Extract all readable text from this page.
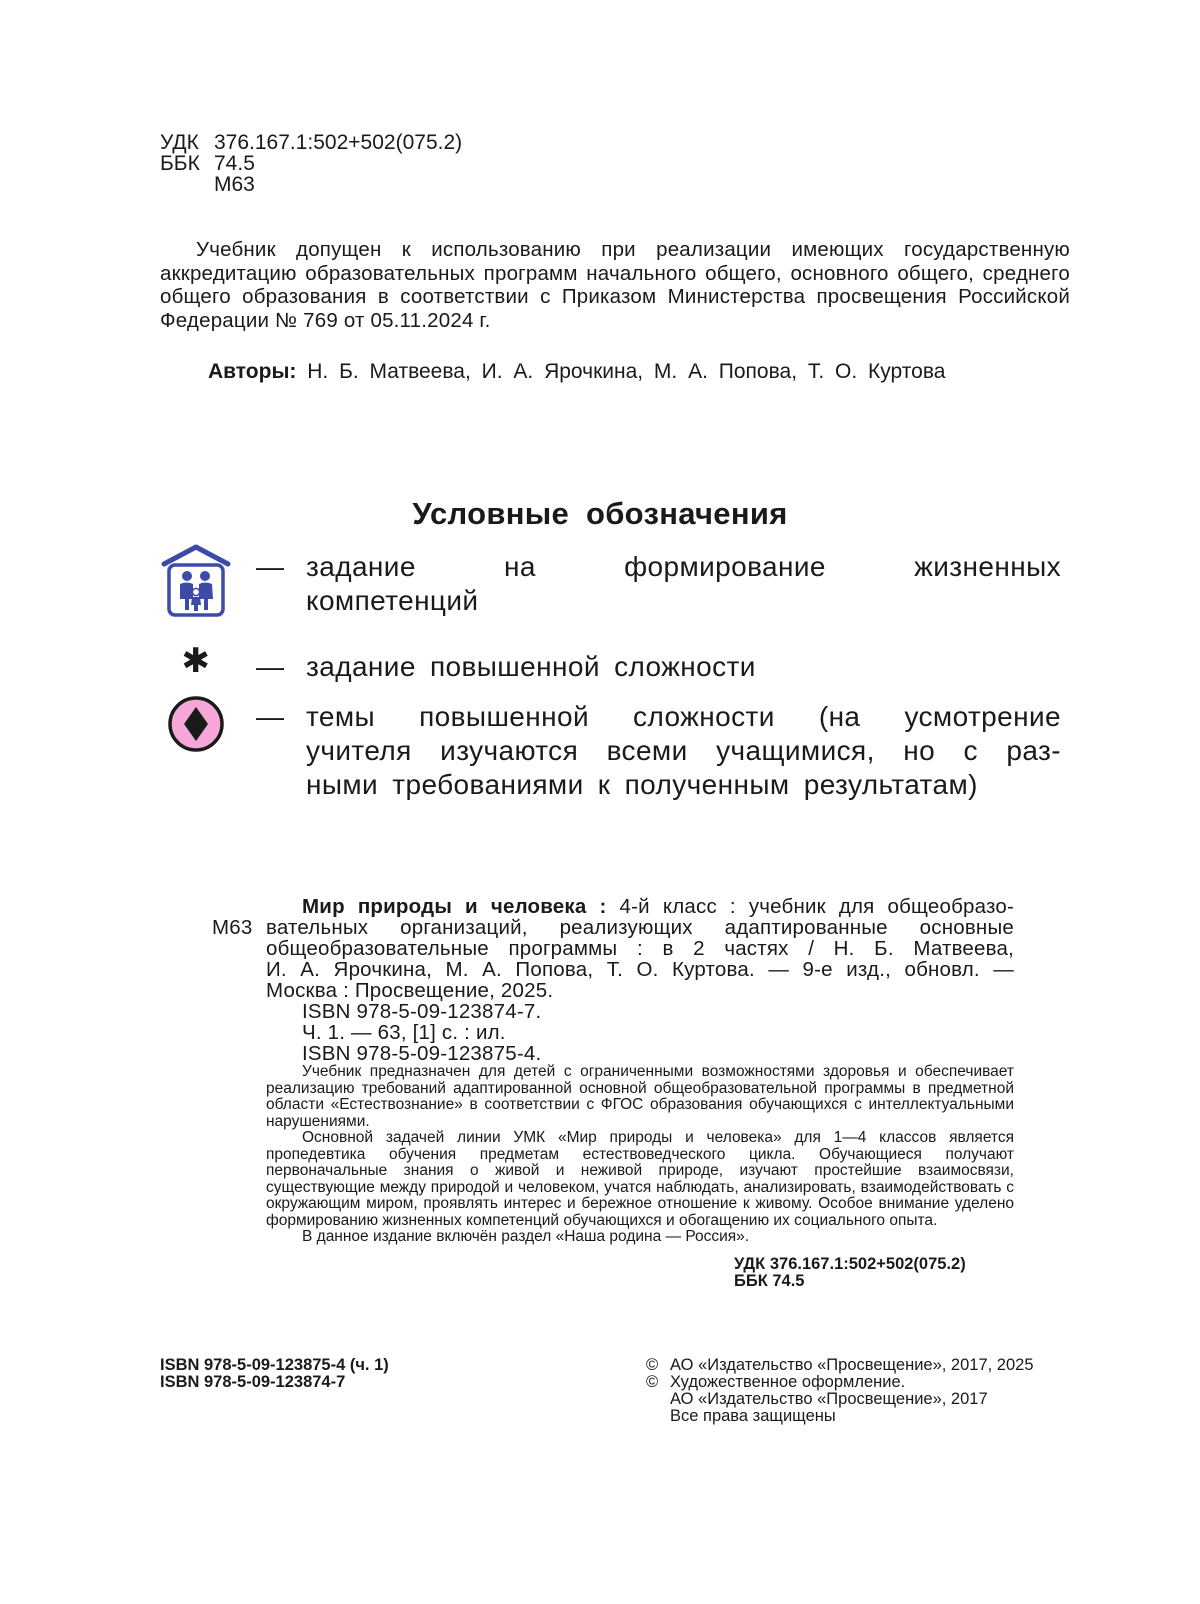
УДК 376.167.1:502+502(075.2)
ББК 74.5
М63

Учебник допущен к использованию при реализации имеющих государственную аккредитацию образовательных программ начального общего, основного общего, среднего общего образования в соответствии с Приказом Министерства просвещения Российской Федерации № 769 от 05.11.2024 г.

Авторы: Н. Б. Матвеева, И. А. Ярочкина, М. А. Попова, Т. О. Куртова
Условные обозначения
— задание на формирование жизненных
компетенций
✱	— задание повышенной сложности
— темы повышенной сложности (на усмотрение
учителя изучаются всеми учащимися, но с раз-
ными требованиями к полученным результатам)
М63
Мир природы и человека : 4-й класс : учебник для общеобразо-
вательных организаций, реализующих адаптированные основные
общеобразовательные программы : в 2 частях / Н. Б. Матвеева,
И. А. Ярочкина, М. А. Попова, Т. О. Куртова. — 9-е изд., обновл. —
Москва : Просвещение, 2025.
ISBN 978-5-09-123874-7.
Ч. 1. — 63, [1] с. : ил.
ISBN 978-5-09-123875-4.

Учебник предназначен для детей с ограниченными возможностями здоровья и обеспечивает реализацию требований адаптированной основной общеобразовательной программы в предметной области «Естествознание» в соответствии с ФГОС образования обучающихся с интеллектуальными нарушениями.

Основной задачей линии УМК «Мир природы и человека» для 1—4 классов является пропедевтика обучения предметам естествоведческого цикла. Обучающиеся получают первоначальные знания о живой и неживой природе, изучают простейшие взаимосвязи, существующие между природой и человеком, учатся наблюдать, анализировать, взаимодействовать с окружающим миром, проявлять интерес и бережное отношение к живому. Особое внимание уделено формированию жизненных компетенций обучающихся и обогащению их социального опыта.

В данное издание включён раздел «Наша родина — Россия».

УДК 376.167.1:502+502(075.2)
ББК 74.5
ISBN 978-5-09-123875-4 (ч. 1)
ISBN 978-5-09-123874-7
© АО «Издательство «Просвещение», 2017, 2025
© Художественное оформление.
АО «Издательство «Просвещение», 2017
Все права защищены
